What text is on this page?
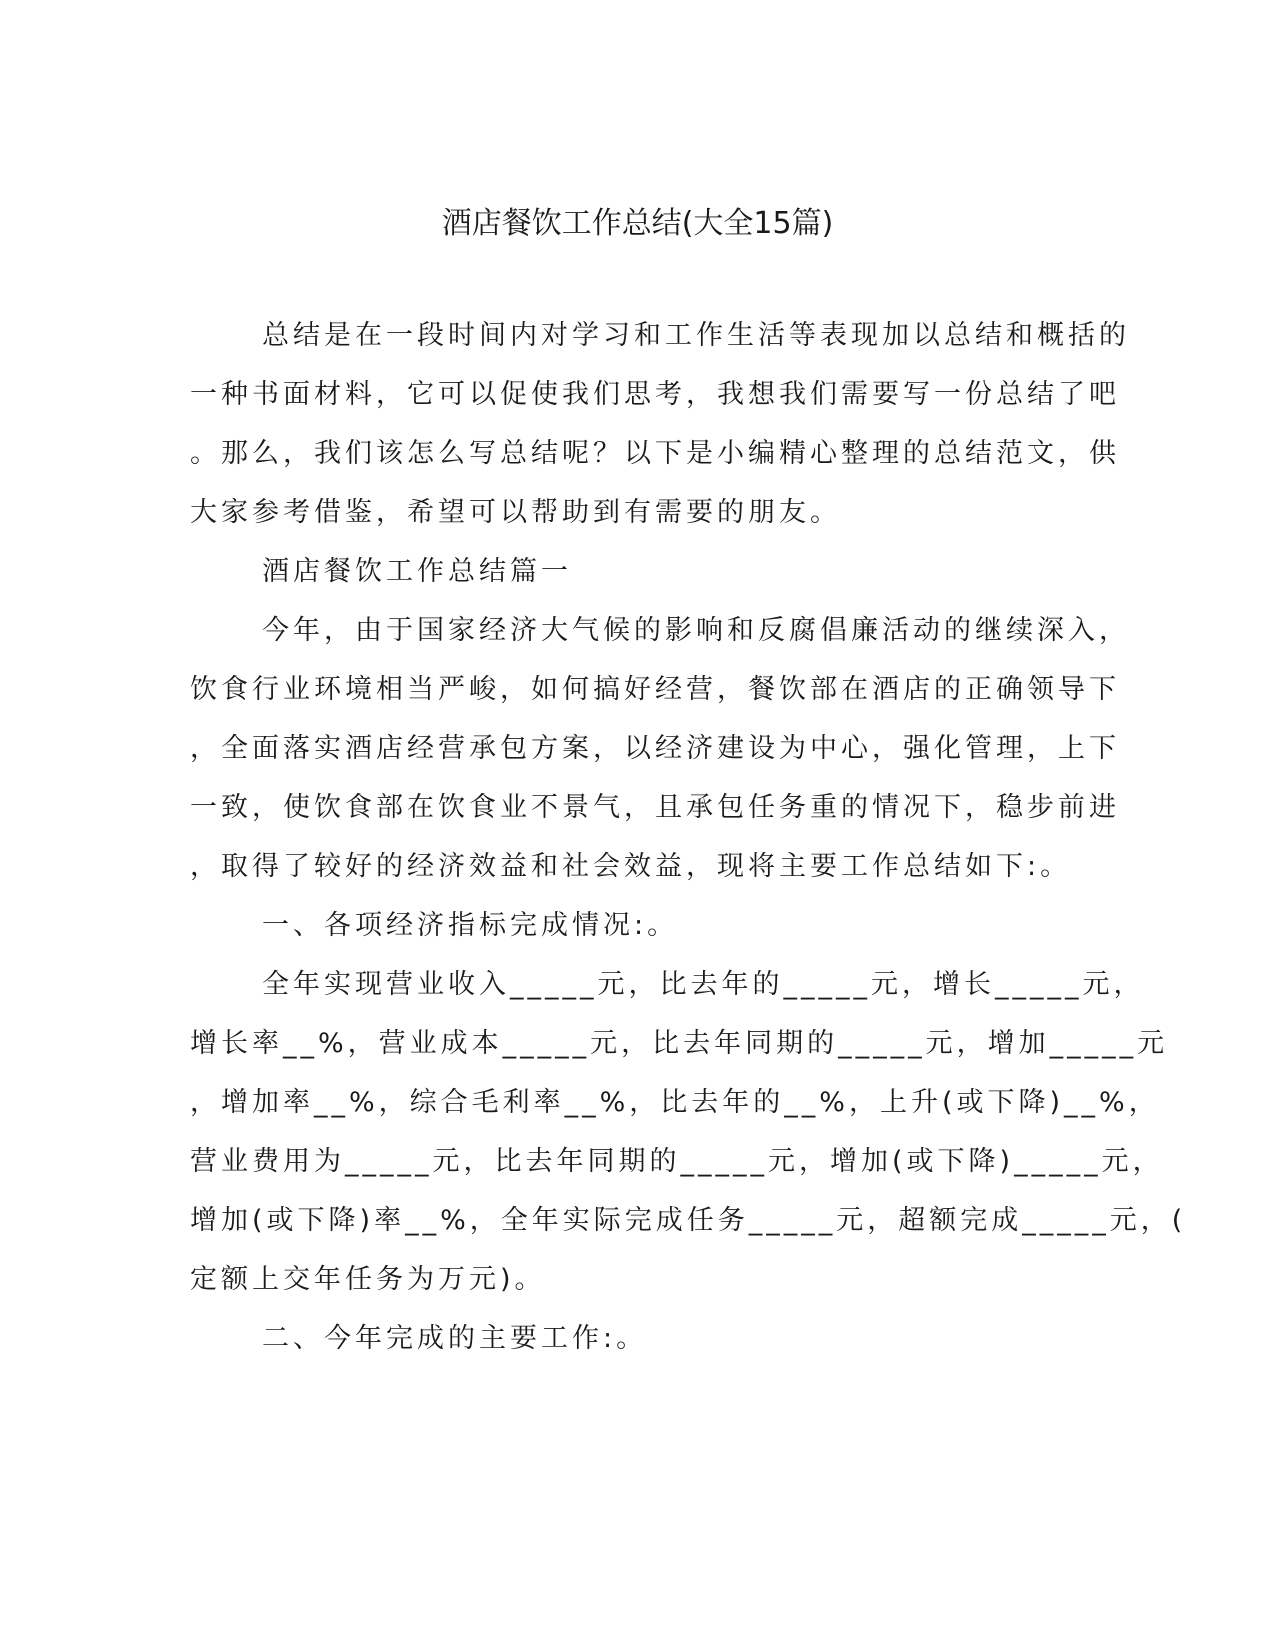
酒店餐饮工作总结(大全15篇)
总结是在一段时间内对学习和工作生活等表现加以总结和概括的
一种书面材料，它可以促使我们思考，我想我们需要写一份总结了吧
。那么，我们该怎么写总结呢？以下是小编精心整理的总结范文，供
大家参考借鉴，希望可以帮助到有需要的朋友。
酒店餐饮工作总结篇一
今年，由于国家经济大气候的影响和反腐倡廉活动的继续深入，
饮食行业环境相当严峻，如何搞好经营，餐饮部在酒店的正确领导下
，全面落实酒店经营承包方案，以经济建设为中心，强化管理，上下
一致，使饮食部在饮食业不景气，且承包任务重的情况下，稳步前进
，取得了较好的经济效益和社会效益，现将主要工作总结如下:。
一、各项经济指标完成情况:。
全年实现营业收入_____元，比去年的_____元，增长_____元，
增长率__%，营业成本_____元，比去年同期的_____元，增加_____元
，增加率__%，综合毛利率__%，比去年的__%，上升(或下降)__%，
营业费用为_____元，比去年同期的_____元，增加(或下降)_____元，
增加(或下降)率__%，全年实际完成任务_____元，超额完成_____元，(
定额上交年任务为万元)。
二、今年完成的主要工作:。
